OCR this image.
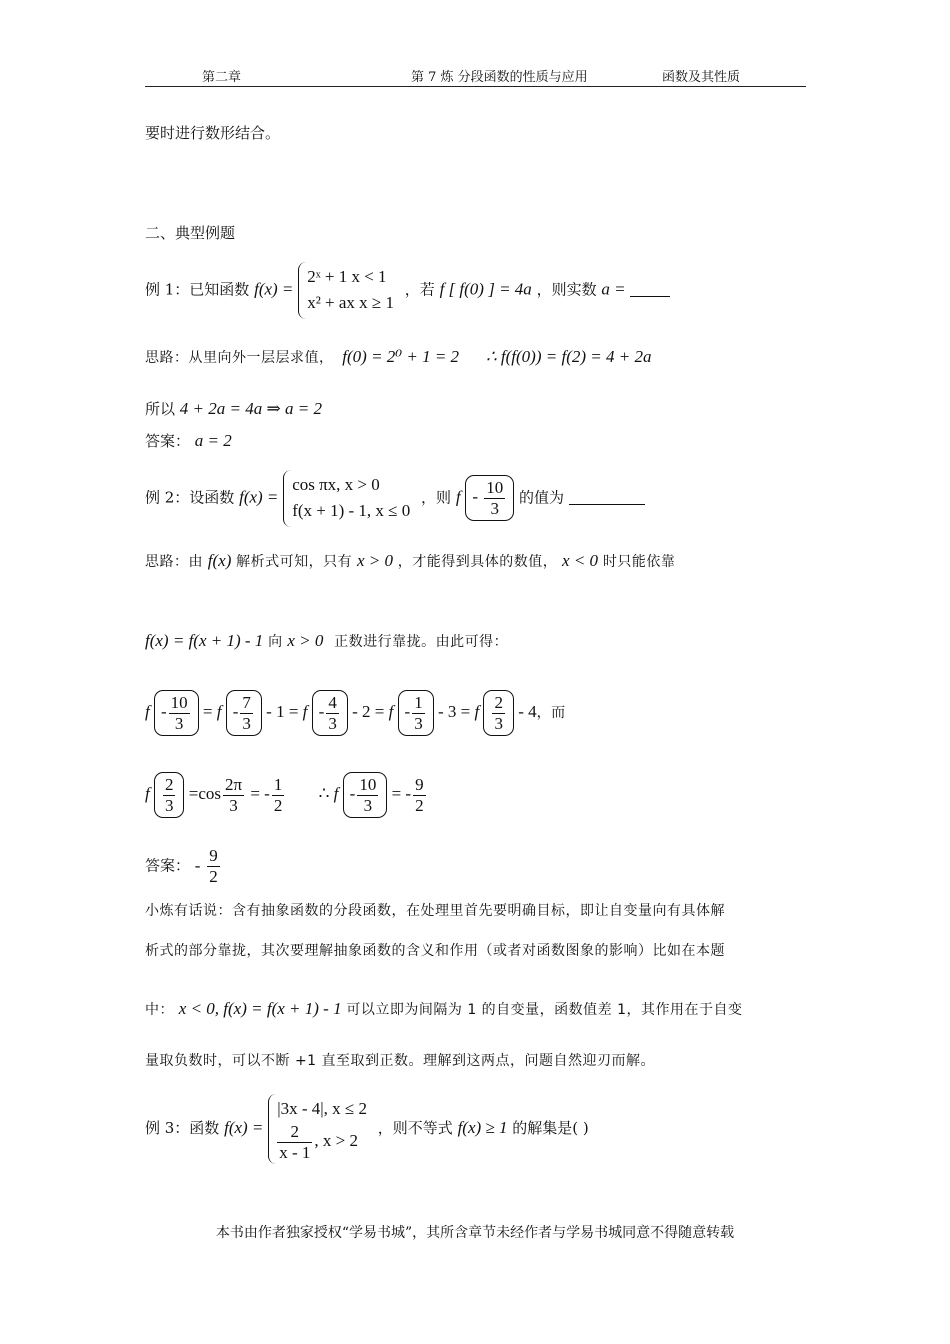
第二章	第 7 炼 分段函数的性质与应用	函数及其性质
要时进行数形结合。
二、典型例题
例 1：已知函数 f(x) =
2ˣ + 1 x < 1
x² + ax x ≥ 1
，若 f [ f(0) ] = 4a ，则实数 a =
思路：从里向外一层层求值， f(0) = 2⁰ + 1 = 2 ∴ f(f(0)) = f(2) = 4 + 2a
所以 4 + 2a = 4a ⇒ a = 2
答案： a = 2
例 2：设函数 f(x) =
cos πx, x > 0
f(x + 1) - 1, x ≤ 0
，则 f - $\frac{10}{3}$ 的值为
思路：由 f(x) 解析式可知，只有 x > 0 ，才能得到具体的数值， x < 0 时只能依靠
f(x) = f(x + 1) - 1 向 x > 0 正数进行靠拢。由此可得：
$f - \frac{10}{3} = f - \frac{7}{3} - 1 = f - \frac{4}{3} - 2 = f - \frac{1}{3} - 3 = f \frac{2}{3} - 4$，而
f $\frac{2}{3} =\cos \frac{2\pi}{3}$ = - $\frac{1}{2}$ ∴ f - $\frac{10}{3}$ = - $\frac{9}{2}$
答案： - $\frac{9}{2}$
小炼有话说：含有抽象函数的分段函数，在处理里首先要明确目标，即让自变量向有具体解
析式的部分靠拢，其次要理解抽象函数的含义和作用（或者对函数图象的影响）比如在本题
中： x < 0, f(x) = f(x + 1) - 1 可以立即为间隔为 1 的自变量，函数值差 1，其作用在于自变
量取负数时，可以不断 +1 直至取到正数。理解到这两点，问题自然迎刃而解。
例 3：函数 f(x) =
|3x - 4|, x ≤ 2
$\frac{2}{x - 1}$ , x > 2
，则不等式 f(x) ≥ 1 的解集是( )
本书由作者独家授权“学易书城”，其所含章节未经作者与学易书城同意不得随意转载
